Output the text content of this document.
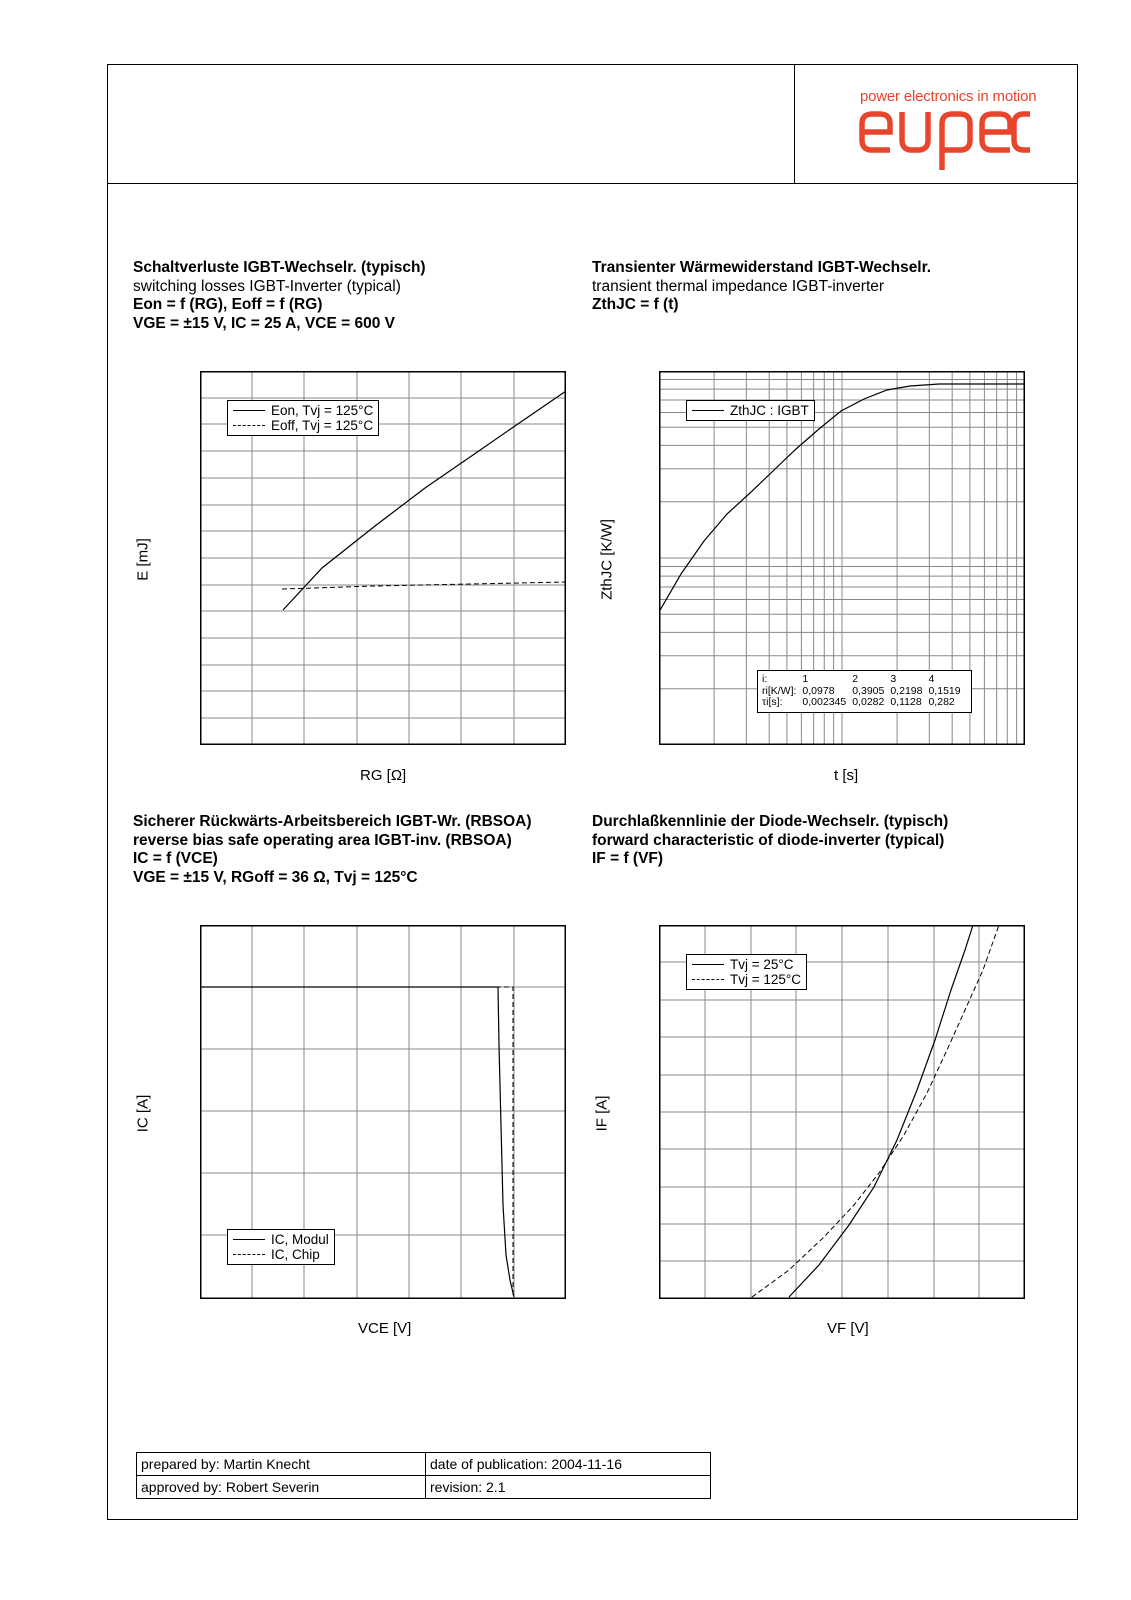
power electronics in motion
Schaltverluste IGBT-Wechselr. (typisch)
switching losses IGBT-Inverter (typical)
Eon = f (RG), Eoff = f (RG)
VGE = ±15 V, IC = 25 A, VCE = 600 V
Transienter Wärmewiderstand IGBT-Wechselr.
transient thermal impedance IGBT-inverter
ZthJC = f (t)
Eon, Tvj = 125°C
Eoff, Tvj = 125°C
E [mJ]
RG [Ω]
ZthJC : IGBT
i:	1	2	3	4
ri[K/W]:	0,0978	0,3905	0,2198	0,1519
τi[s]:	0,002345	0,0282	0,1128	0,282
ZthJC [K/W]
t [s]
Sicherer Rückwärts-Arbeitsbereich IGBT-Wr. (RBSOA)
reverse bias safe operating area IGBT-inv. (RBSOA)
IC = f (VCE)
VGE = ±15 V, RGoff = 36 Ω, Tvj = 125°C
Durchlaßkennlinie der Diode-Wechselr. (typisch)
forward characteristic of diode-inverter (typical)
IF = f (VF)
IC, Modul
IC, Chip
IC [A]
VCE [V]
Tvj = 25°C
Tvj = 125°C
IF [A]
VF [V]
prepared by: Martin Knecht	date of publication: 2004-11-16
approved by: Robert Severin	revision: 2.1
